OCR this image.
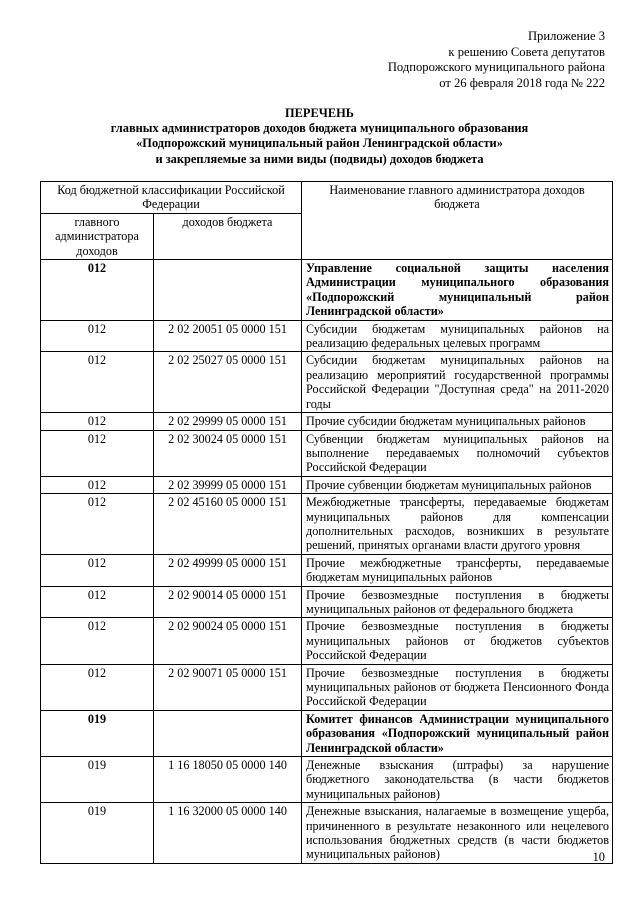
Приложение 3
к решению Совета депутатов
Подпорожского муниципального района
от 26 февраля 2018 года № 222
ПЕРЕЧЕНЬ
главных администраторов доходов бюджета муниципального образования
«Подпорожский муниципальный район Ленинградской области»
и закрепляемые за ними виды (подвиды) доходов бюджета
Код бюджетной классификации Российской Федерации		Наименование главного администратора доходов бюджета
главного администратора доходов	доходов бюджета	
012		Управление социальной защиты населения Администрации муниципального образования «Подпорожский муниципальный район Ленинградской области»
012	2 02 20051 05 0000 151	Субсидии бюджетам муниципальных районов на реализацию федеральных целевых программ
012	2 02 25027 05 0000 151	Субсидии бюджетам муниципальных районов на реализацию мероприятий государственной программы Российской Федерации "Доступная среда" на 2011-2020 годы
012	2 02 29999 05 0000 151	Прочие субсидии бюджетам муниципальных районов
012	2 02 30024 05 0000 151	Субвенции бюджетам муниципальных районов на выполнение передаваемых полномочий субъектов Российской Федерации
012	2 02 39999 05 0000 151	Прочие субвенции бюджетам муниципальных районов
012	2 02 45160 05 0000 151	Межбюджетные трансферты, передаваемые бюджетам муниципальных районов для компенсации дополнительных расходов, возникших в результате решений, принятых органами власти другого уровня
012	2 02 49999 05 0000 151	Прочие межбюджетные трансферты, передаваемые бюджетам муниципальных районов
012	2 02 90014 05 0000 151	Прочие безвозмездные поступления в бюджеты муниципальных районов от федерального бюджета
012	2 02 90024 05 0000 151	Прочие безвозмездные поступления в бюджеты муниципальных районов от бюджетов субъектов Российской Федерации
012	2 02 90071 05 0000 151	Прочие безвозмездные поступления в бюджеты муниципальных районов от бюджета Пенсионного Фонда Российской Федерации
019		Комитет финансов Администрации муниципального образования «Подпорожский муниципальный район Ленинградской области»
019	1 16 18050 05 0000 140	Денежные взыскания (штрафы) за нарушение бюджетного законодательства (в части бюджетов муниципальных районов)
019	1 16 32000 05 0000 140	Денежные взыскания, налагаемые в возмещение ущерба, причиненного в результате незаконного или нецелевого использования бюджетных средств (в части бюджетов муниципальных районов)	10
